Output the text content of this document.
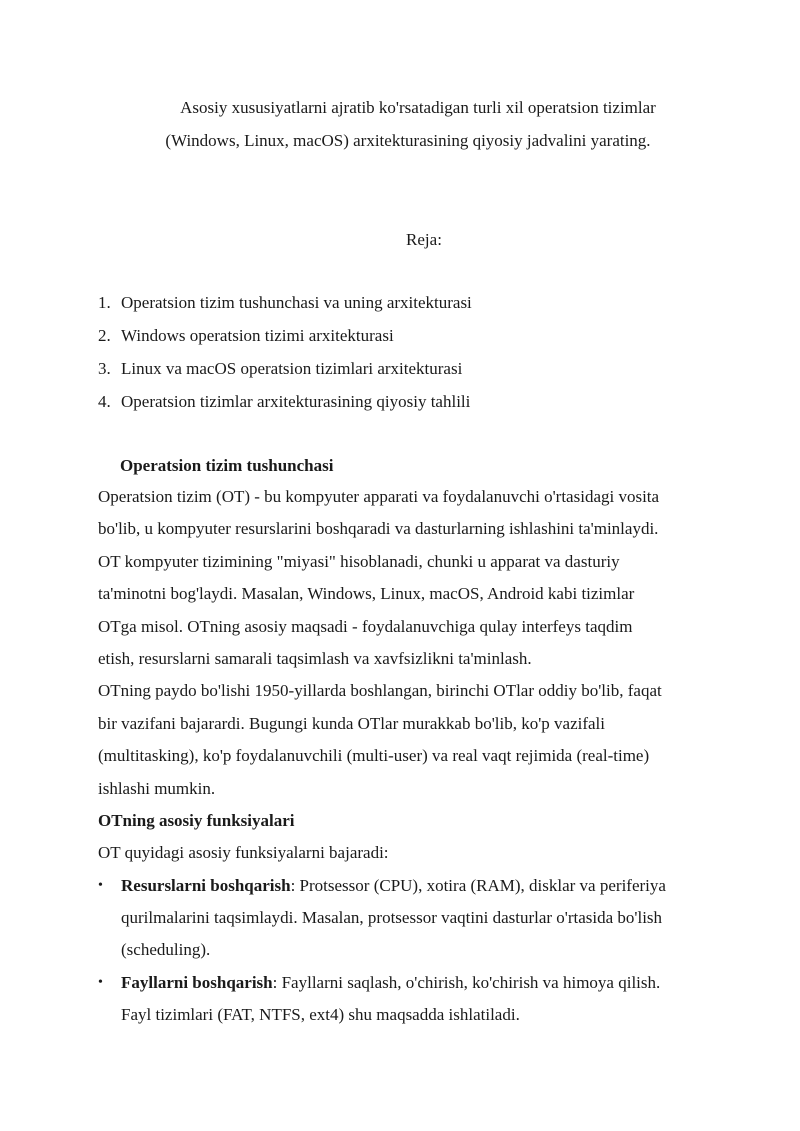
Asosiy xususiyatlarni ajratib ko'rsatadigan turli xil operatsion tizimlar
(Windows, Linux, macOS) arxitekturasining qiyosiy jadvalini yarating.
Reja:
1. Operatsion tizim tushunchasi va uning arxitekturasi
2. Windows operatsion tizimi arxitekturasi
3. Linux va macOS operatsion tizimlari arxitekturasi
4. Operatsion tizimlar arxitekturasining qiyosiy tahlili
Operatsion tizim tushunchasi
Operatsion tizim (OT) - bu kompyuter apparati va foydalanuvchi o'rtasidagi vosita
bo'lib, u kompyuter resurslarini boshqaradi va dasturlarning ishlashini ta'minlaydi.
OT kompyuter tizimining "miyasi" hisoblanadi, chunki u apparat va dasturiy
ta'minotni bog'laydi. Masalan, Windows, Linux, macOS, Android kabi tizimlar
OTga misol. OTning asosiy maqsadi - foydalanuvchiga qulay interfeys taqdim
etish, resurslarni samarali taqsimlash va xavfsizlikni ta'minlash.
OTning paydo bo'lishi 1950-yillarda boshlangan, birinchi OTlar oddiy bo'lib, faqat
bir vazifani bajarardi. Bugungi kunda OTlar murakkab bo'lib, ko'p vazifali
(multitasking), ko'p foydalanuvchili (multi-user) va real vaqt rejimida (real-time)
ishlashi mumkin.
OTning asosiy funksiyalari
OT quyidagi asosiy funksiyalarni bajaradi:
• Resurslarni boshqarish: Protsessor (CPU), xotira (RAM), disklar va periferiya
qurilmalarini taqsimlaydi. Masalan, protsessor vaqtini dasturlar o'rtasida bo'lish
(scheduling).
• Fayllarni boshqarish: Fayllarni saqlash, o'chirish, ko'chirish va himoya qilish.
Fayl tizimlari (FAT, NTFS, ext4) shu maqsadda ishlatiladi.
